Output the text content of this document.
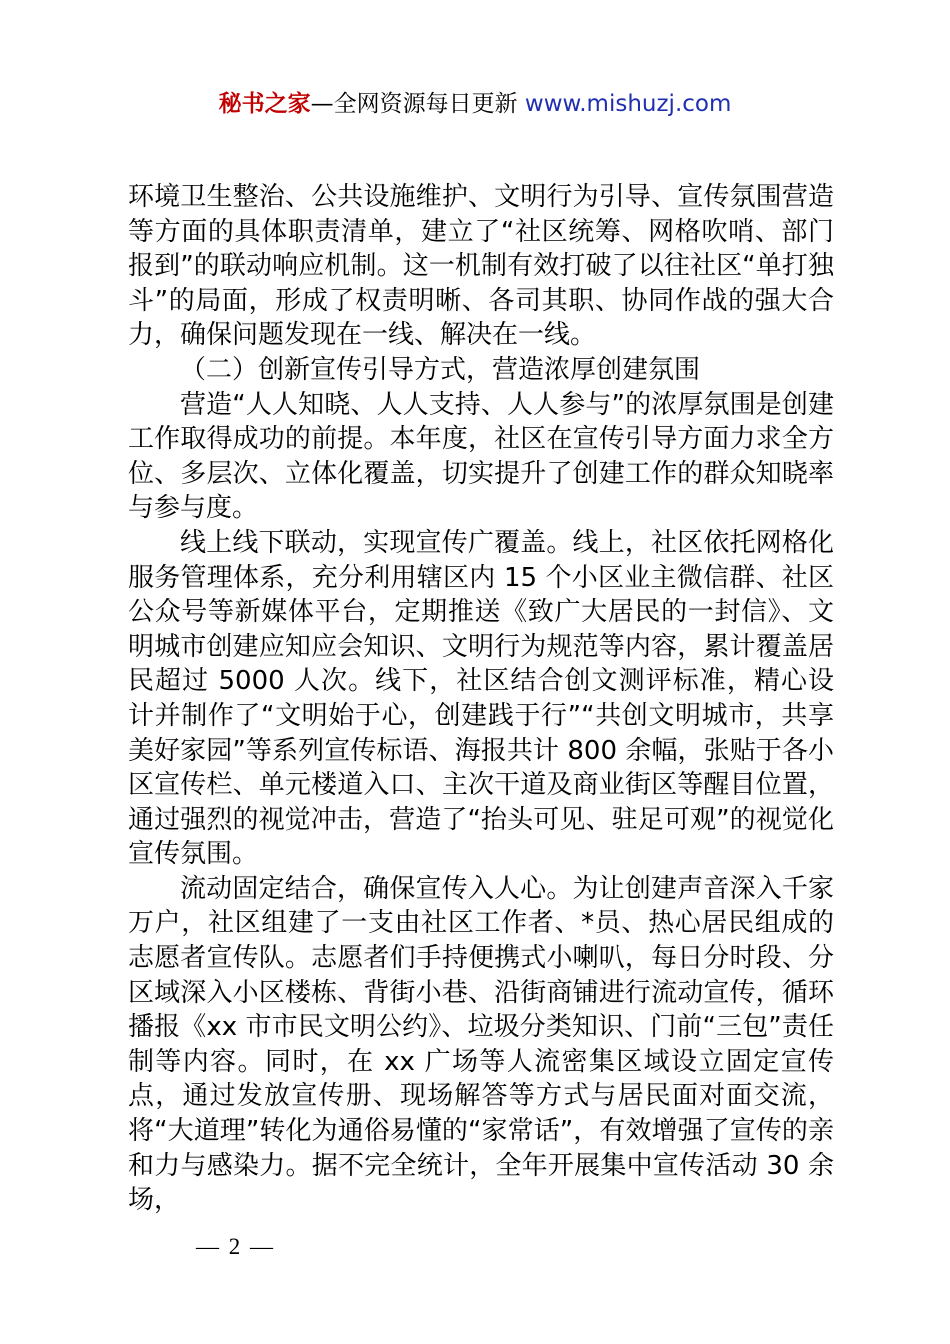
秘书之家—全网资源每日更新 www.mishuzj.com

环境卫生整治、公共设施维护、文明行为引导、宣传氛围营造等方面的具体职责清单，建立了“社区统筹、网格吹哨、部门报到”的联动响应机制。这一机制有效打破了以往社区“单打独斗”的局面，形成了权责明晰、各司其职、协同作战的强大合力，确保问题发现在一线、解决在一线。

（二）创新宣传引导方式，营造浓厚创建氛围

营造“人人知晓、人人支持、人人参与”的浓厚氛围是创建工作取得成功的前提。本年度，社区在宣传引导方面力求全方位、多层次、立体化覆盖，切实提升了创建工作的群众知晓率与参与度。

线上线下联动，实现宣传广覆盖。线上，社区依托网格化服务管理体系，充分利用辖区内 15 个小区业主微信群、社区公众号等新媒体平台，定期推送《致广大居民的一封信》、文明城市创建应知应会知识、文明行为规范等内容，累计覆盖居民超过 5000 人次。线下，社区结合创文测评标准，精心设计并制作了“文明始于心，创建践于行”“共创文明城市，共享美好家园”等系列宣传标语、海报共计 800 余幅，张贴于各小区宣传栏、单元楼道入口、主次干道及商业街区等醒目位置，通过强烈的视觉冲击，营造了“抬头可见、驻足可观”的视觉化宣传氛围。

流动固定结合，确保宣传入人心。为让创建声音深入千家万户，社区组建了一支由社区工作者、*员、热心居民组成的志愿者宣传队。志愿者们手持便携式小喇叭，每日分时段、分区域深入小区楼栋、背街小巷、沿街商铺进行流动宣传，循环播报《xx 市市民文明公约》、垃圾分类知识、门前“三包”责任制等内容。同时，在 xx 广场等人流密集区域设立固定宣传点，通过发放宣传册、现场解答等方式与居民面对面交流，将“大道理”转化为通俗易懂的“家常话”，有效增强了宣传的亲和力与感染力。据不完全统计，全年开展集中宣传活动 30 余场，

— 2 —
